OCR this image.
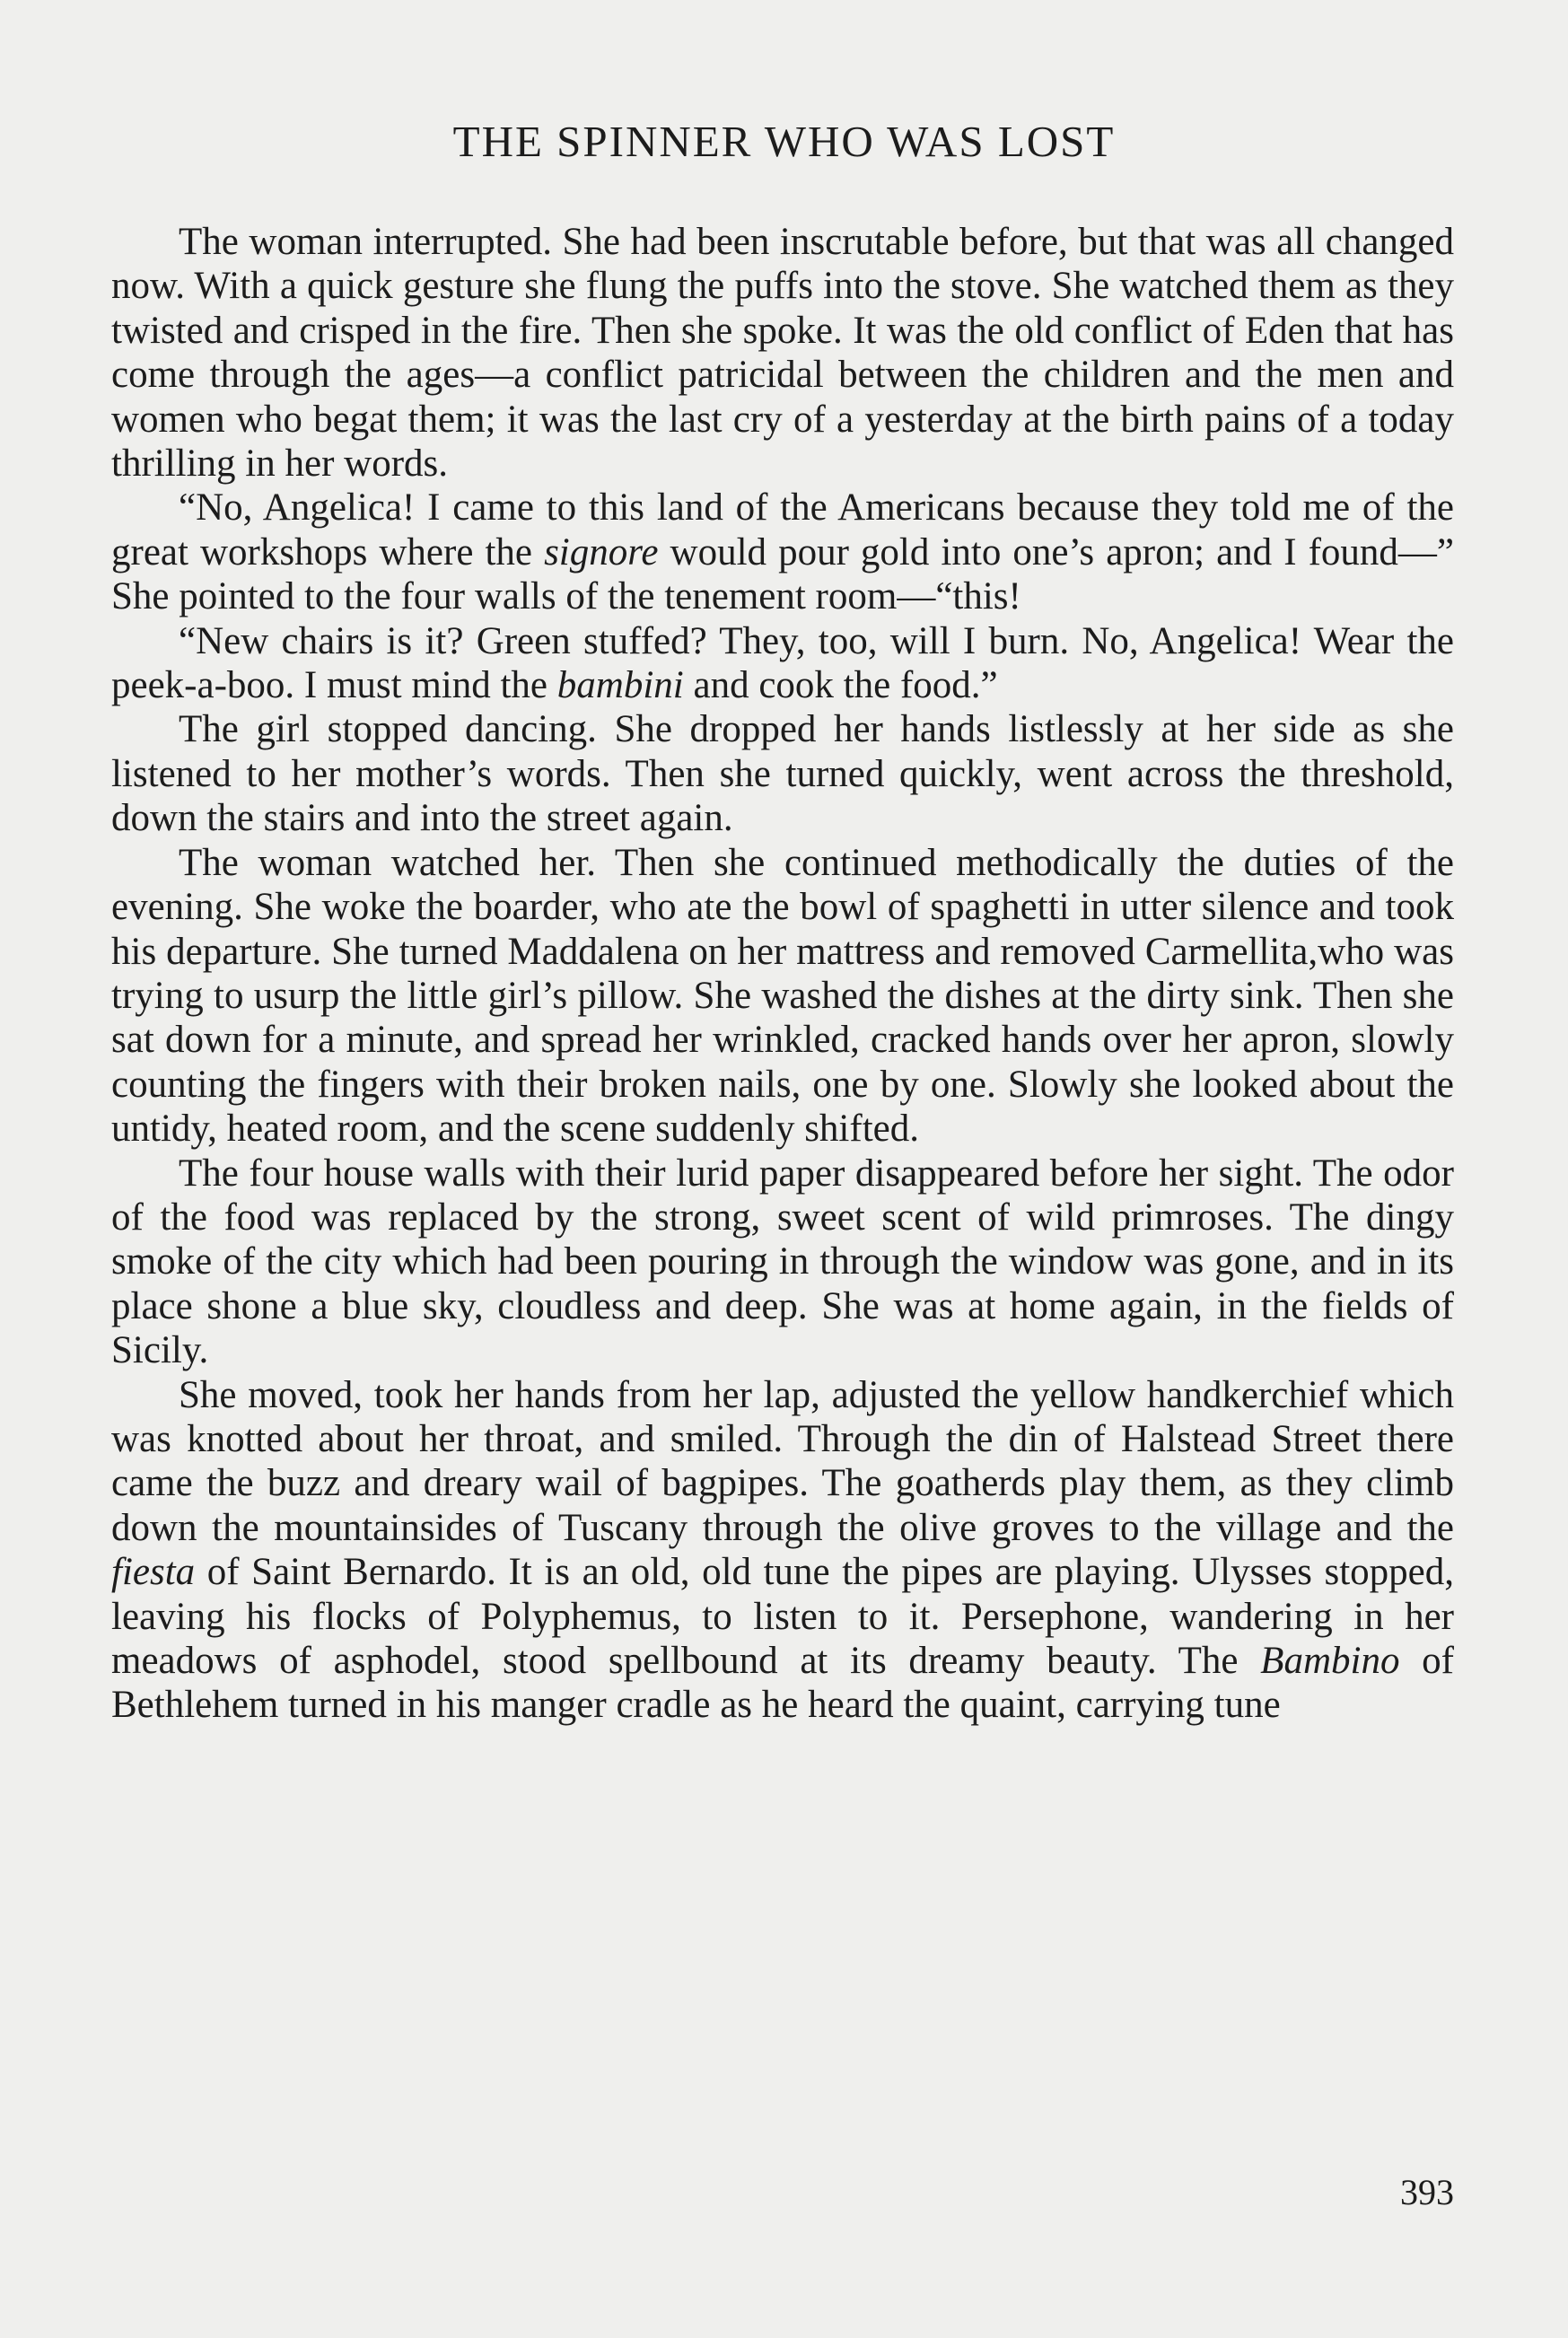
THE SPINNER WHO WAS LOST

The woman interrupted. She had been inscrutable before, but that was all changed now. With a quick gesture she flung the puffs into the stove. She watched them as they twisted and crisped in the fire. Then she spoke. It was the old conflict of Eden that has come through the ages—a conflict patricidal between the children and the men and women who begat them; it was the last cry of a yesterday at the birth pains of a today thrilling in her words.

“No, Angelica! I came to this land of the Americans because they told me of the great workshops where the signore would pour gold into one’s apron; and I found—” She pointed to the four walls of the tenement room—“this!

“New chairs is it? Green stuffed? They, too, will I burn. No, Angelica! Wear the peek-a-boo. I must mind the bambini and cook the food.”

The girl stopped dancing. She dropped her hands listlessly at her side as she listened to her mother’s words. Then she turned quickly, went across the threshold, down the stairs and into the street again.

The woman watched her. Then she continued methodically the duties of the evening. She woke the boarder, who ate the bowl of spaghetti in utter silence and took his departure. She turned Maddalena on her mattress and removed Carmellita,who was trying to usurp the little girl’s pillow. She washed the dishes at the dirty sink. Then she sat down for a minute, and spread her wrinkled, cracked hands over her apron, slowly counting the fingers with their broken nails, one by one. Slowly she looked about the untidy, heated room, and the scene suddenly shifted.

The four house walls with their lurid paper disappeared before her sight. The odor of the food was replaced by the strong, sweet scent of wild primroses. The dingy smoke of the city which had been pouring in through the window was gone, and in its place shone a blue sky, cloudless and deep. She was at home again, in the fields of Sicily.

She moved, took her hands from her lap, adjusted the yellow handkerchief which was knotted about her throat, and smiled. Through the din of Halstead Street there came the buzz and dreary wail of bagpipes. The goatherds play them, as they climb down the mountainsides of Tuscany through the olive groves to the village and the fiesta of Saint Bernardo. It is an old, old tune the pipes are playing. Ulysses stopped, leaving his flocks of Polyphemus, to listen to it. Persephone, wandering in her meadows of asphodel, stood spellbound at its dreamy beauty. The Bambino of Bethlehem turned in his manger cradle as he heard the quaint, carrying tune

393
